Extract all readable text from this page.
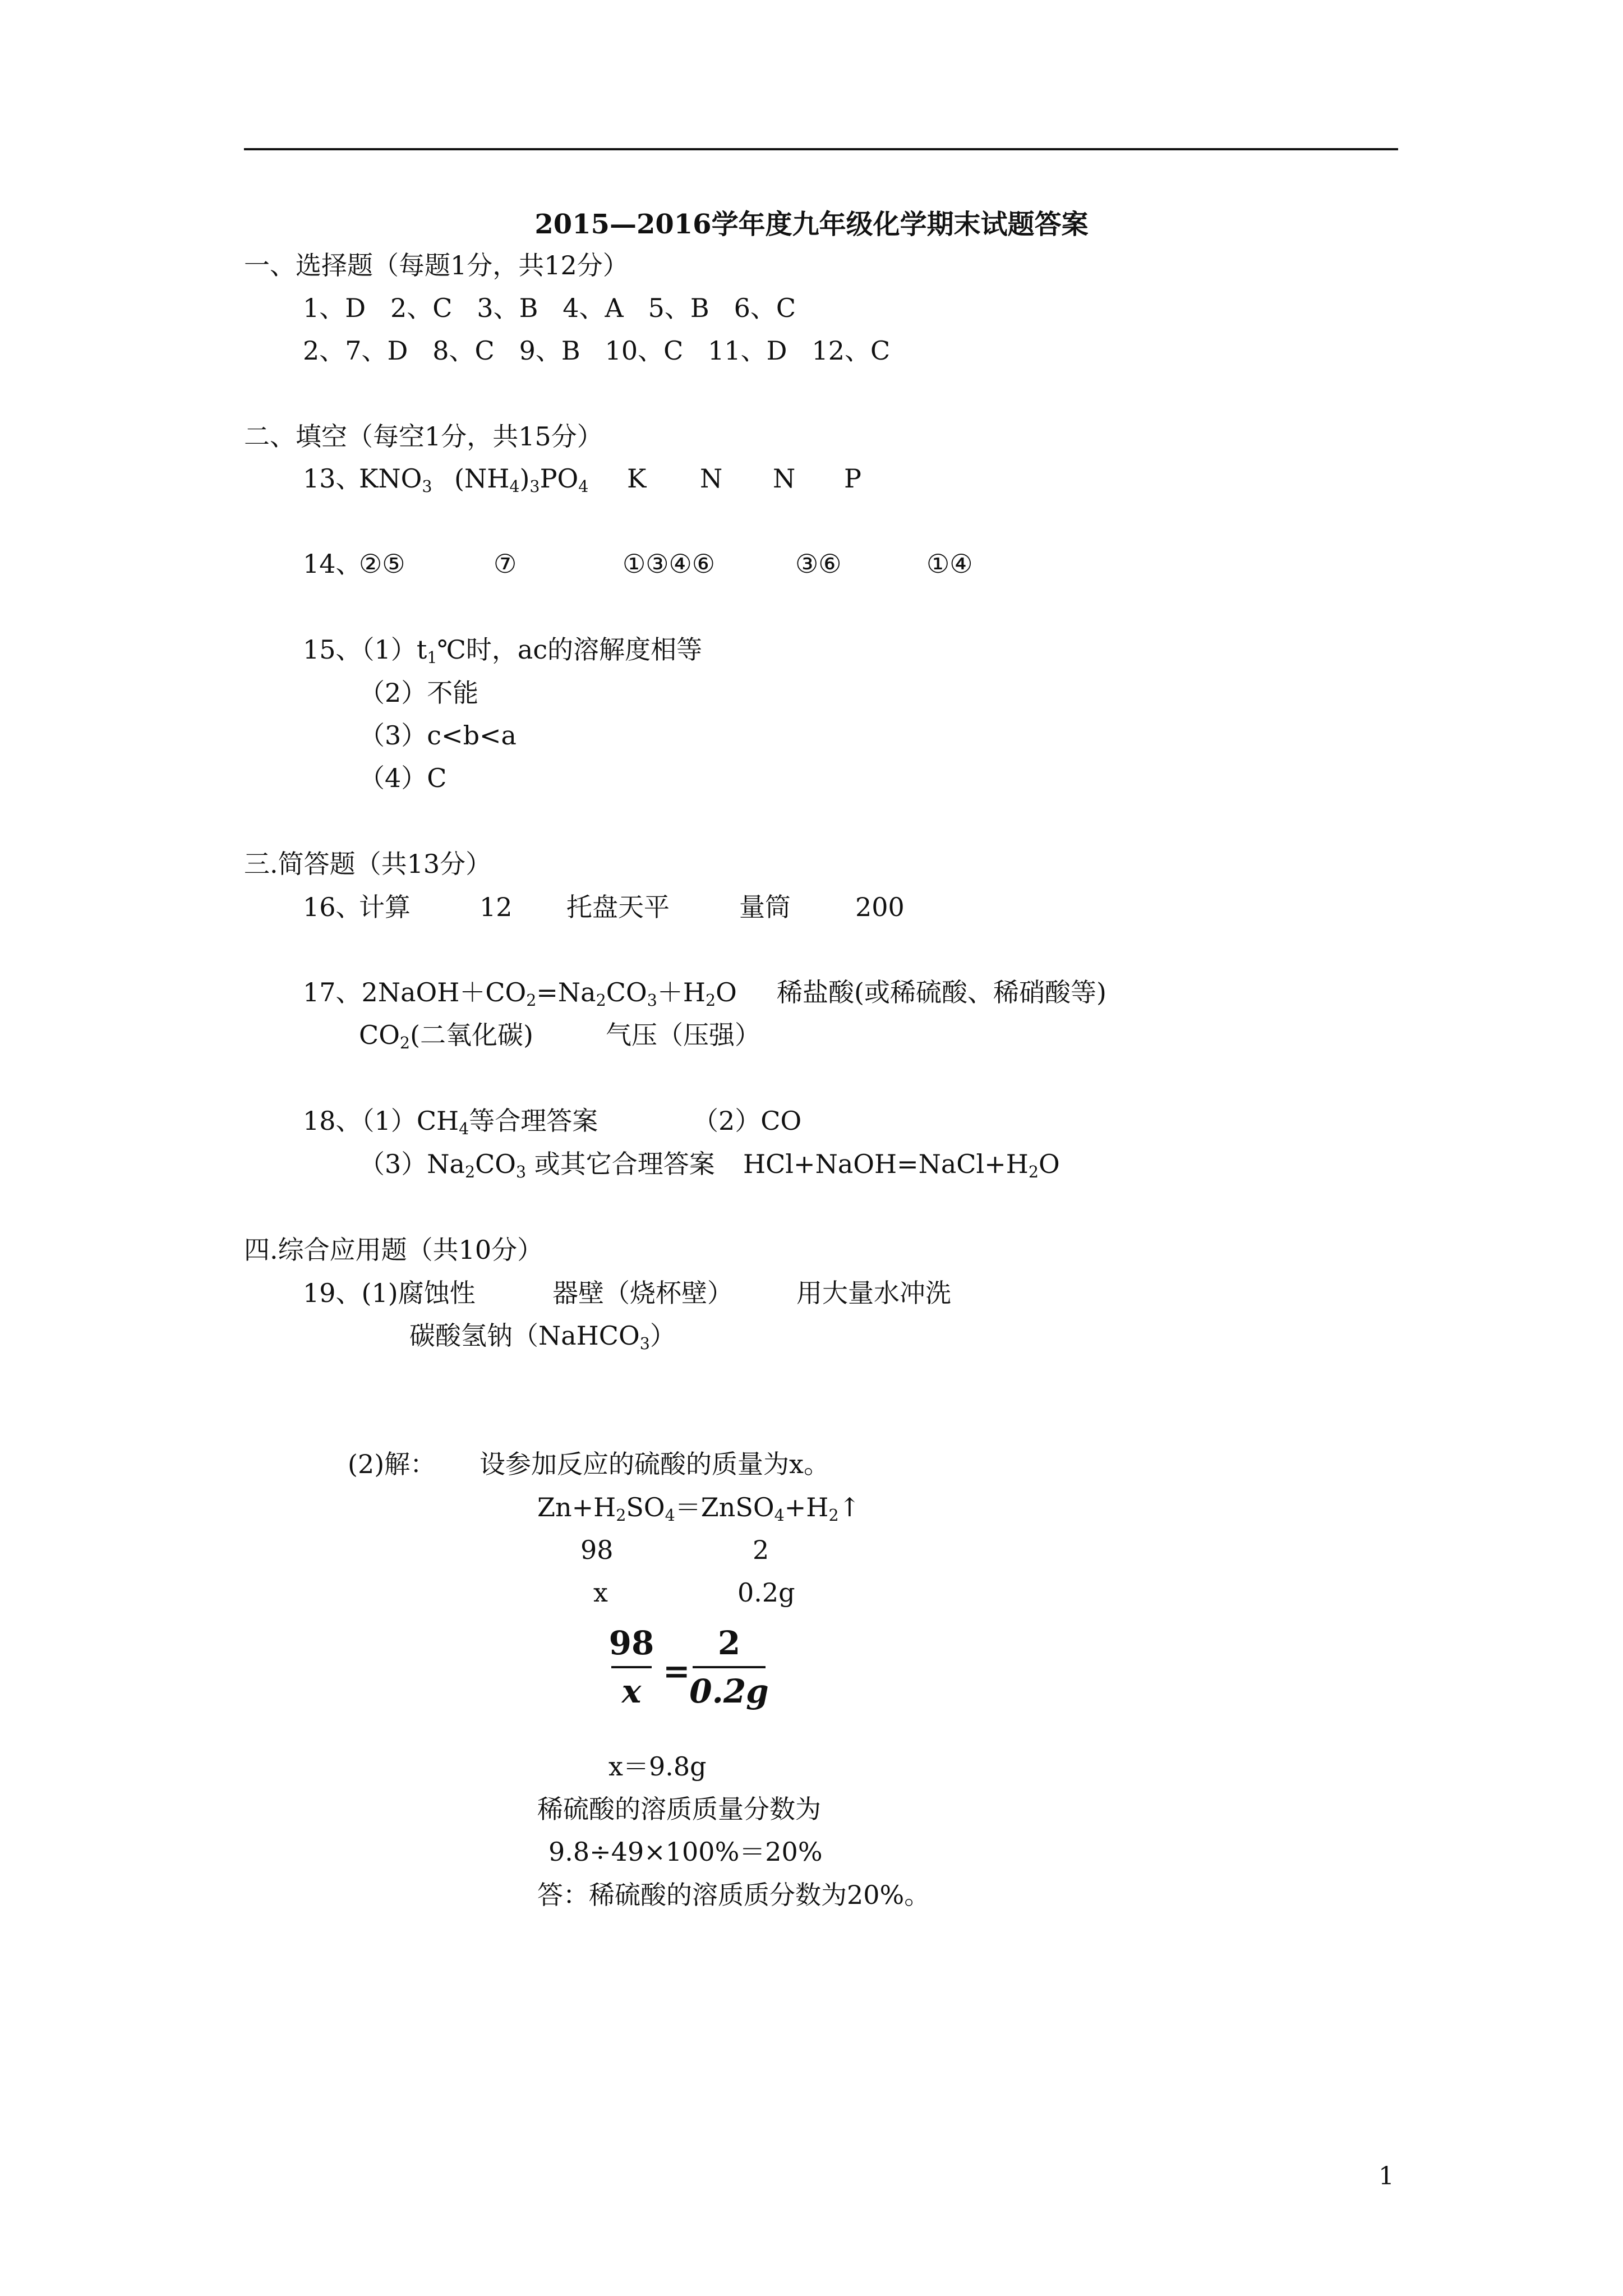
2015—2016学年度九年级化学期末试题答案
一、选择题（每题1分，共12分）
1、D   2、C   3、B   4、A   5、B   6、C
2、7、D   8、C   9、B   10、C   11、D   12、C
二、填空（每空1分，共15分）
13、
$KNO_3$ $(NH_4)_3PO_4$ K N N P
14、
②⑤	⑦	①③④⑥	③⑥	①④
15、$(1)t_1℃$时，ac的溶解度相等
（2）不能
（3）c<b<a
（4）C
三.简答题（共13分）
16、
计算	12 托盘天平	量筒	200
17、$2NaOH+CO_2=Na_2CO_3+H_2O$ 稀盐酸(或稀硫酸、稀硝酸等)
$CO_2$(二氧化碳)	气压（压强）
18、$(1)CH_4$等合理答案	（2）CO
$(3)Na_2CO_3$ 或其它合理答案 $HCl+NaOH=NaCl+H_2O$
四.综合应用题（共10分）
19、(1)腐蚀性	器壁（烧杯壁） 用大量水冲洗
碳酸氢钠（NaHCO$_3$）
(2)解： 设参加反应的硫酸的质量为x。
$Zn+H_2SO_4=ZnSO_4+H_2↑$
98	2
x	0.2g
98
x
=
2
0.2g
x＝9.8g
稀硫酸的溶质质量分数为
9.8÷49×100%＝20%
答：稀硫酸的溶质质分数为20%。
1
